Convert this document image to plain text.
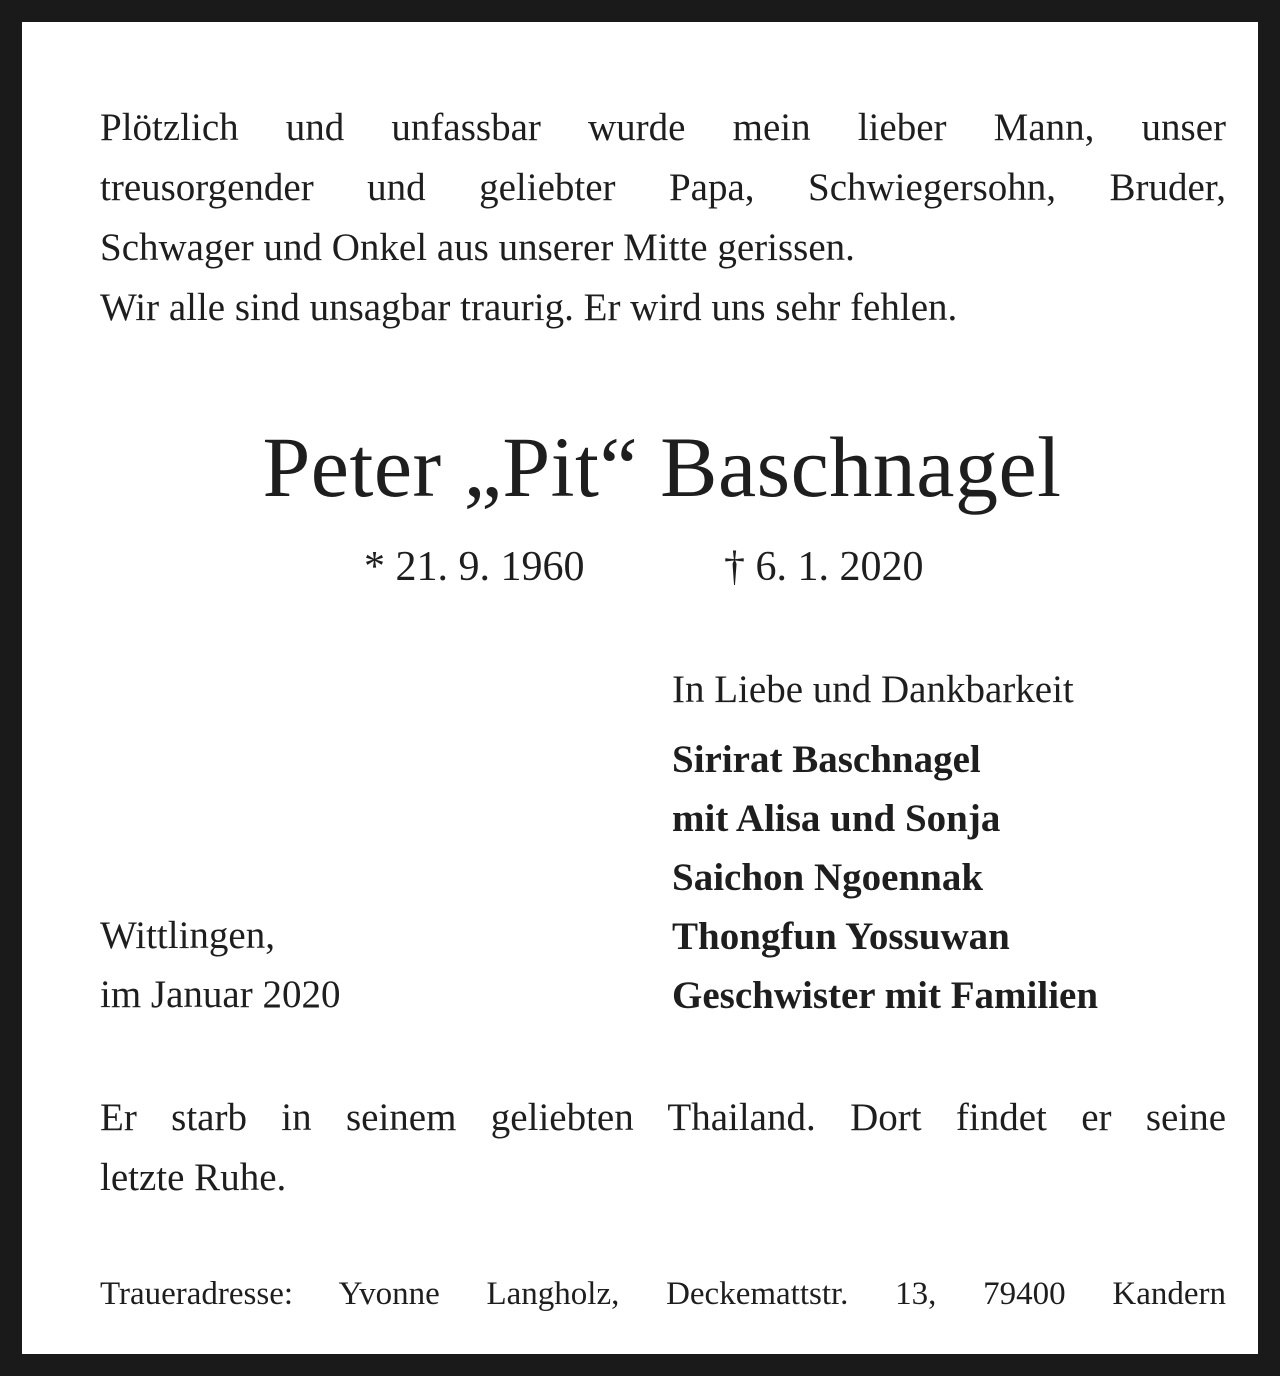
Plötzlich und unfassbar wurde mein lieber Mann, unser
treusorgender und geliebter Papa, Schwiegersohn, Bruder,
Schwager und Onkel aus unserer Mitte gerissen.
Wir alle sind unsagbar traurig. Er wird uns sehr fehlen.
Peter „Pit“ Baschnagel
* 21. 9. 1960	† 6. 1. 2020
In Liebe und Dankbarkeit
Sirirat Baschnagel
mit Alisa und Sonja
Saichon Ngoennak
Thongfun Yossuwan
Geschwister mit Familien
Wittlingen,
im Januar 2020
Er starb in seinem geliebten Thailand. Dort findet er seine
letzte Ruhe.
Traueradresse: Yvonne Langholz, Deckemattstr. 13, 79400 Kandern
